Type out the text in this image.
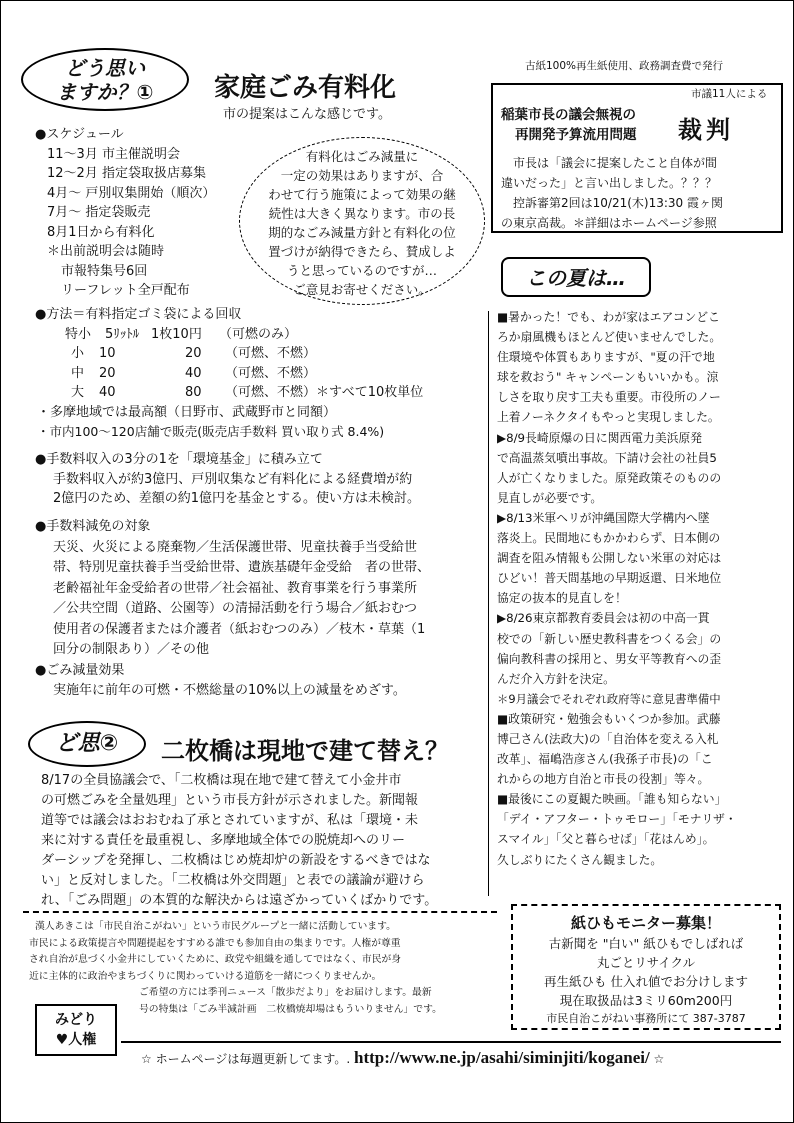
どう思い
ますか？①	家庭ごみ有料化
市の提案はこんな感じです。
古紙100%再生紙使用、政務調査費で発行
●スケジュール
11～3月 市主催説明会
12～2月 指定袋取扱店募集
4月～ 戸別収集開始（順次）
7月～ 指定袋販売
8月1日から有料化
＊出前説明会は随時
市報特集号6回
リーフレット全戸配布
有料化はごみ減量に
一定の効果はありますが、合
わせて行う施策によって効果の継
続性は大きく異なります。市の長
期的なごみ減量方針と有料化の位
置づけが納得できたら、賛成しよ
うと思っているのですが…
ご意見お寄せください。
●方法＝有料指定ゴミ袋による回収
特小 5ﾘｯﾄﾙ 1枚10円 （可燃のみ）
小 10	20 （可燃、不燃）
中 20	40 （可燃、不燃）
大 40	80 （可燃、不燃）＊すべて10枚単位
・多摩地域では最高額（日野市、武蔵野市と同額）
・市内100～120店舗で販売(販売店手数料 買い取り式 8.4%)
●手数料収入の3分の1を「環境基金」に積み立て
手数料収入が約3億円、戸別収集など有料化による経費増が約
2億円のため、差額の約1億円を基金とする。使い方は未検討。
●手数料減免の対象
天災、火災による廃棄物／生活保護世帯、児童扶養手当受給世
帯、特別児童扶養手当受給世帯、遺族基礎年金受給　者の世帯、
老齢福祉年金受給者の世帯／社会福祉、教育事業を行う事業所
／公共空間（道路、公園等）の清掃活動を行う場合／紙おむつ
使用者の保護者または介護者（紙おむつのみ）／枝木・草葉（1
回分の制限あり）／その他
●ごみ減量効果
実施年に前年の可燃・不燃総量の10%以上の減量をめざす。
ど思②	二枚橋は現地で建て替え？
8/17の全員協議会で、「二枚橋は現在地で建て替えて小金井市
の可燃ごみを全量処理」という市長方針が示されました。新聞報
道等では議会はおおむね了承とされていますが、私は「環境・未
来に対する責任を最重視し、多摩地域全体での脱焼却へのリー
ダーシップを発揮し、二枚橋はじめ焼却炉の新設をするべきではな
い」と反対しました。「二枚橋は外交問題」と表での議論が避けら
れ、「ごみ問題」の本質的な解決からは遠ざかっていくばかりです。
市議11人による
稲葉市長の議会無視の
再開発予算流用問題 裁判
市長は「議会に提案したこと自体が間
違いだった」と言い出しました。？？？
控訴審第2回は10/21(木)13:30 霞ヶ関
の東京高裁。＊詳細はホームページ参照
この夏は…
■暑かった！でも、わが家はエアコンどこ
ろか扇風機もほとんど使いませんでした。
住環境や体質もありますが、"夏の汗で地
球を救おう" キャンペーンもいいかも。涼
しさを取り戻す工夫も重要。市役所のノー
上着ノーネクタイもやっと実現しました。
▶8/9長崎原爆の日に関西電力美浜原発
で高温蒸気噴出事故。下請け会社の社員5
人が亡くなりました。原発政策そのものの
見直しが必要です。
▶8/13米軍ヘリが沖縄国際大学構内へ墜
落炎上。民間地にもかかわらず、日本側の
調査を阻み情報も公開しない米軍の対応は
ひどい！普天間基地の早期返還、日米地位
協定の抜本的見直しを！
▶8/26東京都教育委員会は初の中高一貫
校での「新しい歴史教科書をつくる会」の
偏向教科書の採用と、男女平等教育への歪
んだ介入方針を決定。
＊9月議会でそれぞれ政府等に意見書準備中
■政策研究・勉強会もいくつか参加。武藤
博己さん(法政大)の「自治体を変える入札
改革」、福嶋浩彦さん(我孫子市長)の「こ
れからの地方自治と市長の役割」等々。
■最後にこの夏観た映画。「誰も知らない」
「デイ・アフター・トゥモロー」「モナリザ・
スマイル」「父と暮らせば」「花はんめ」。
久しぶりにたくさん観ました。
漢人あきこは「市民自治こがねい」という市民グループと一緒に活動しています。
市民による政策提言や問題提起をすすめる誰でも参加自由の集まりです。人権が尊重
され自治が息づく小金井にしていくために、政党や組織を通してではなく、市民が身
近に主体的に政治やまちづくりに関わっていける道筋を一緒につくりませんか。
ご希望の方には季刊ニュース「散歩だより」をお届けします。最新
号の特集は「ごみ半減計画　二枚橋焼却場はもういりません」です。
みどり
♥人権
紙ひもモニター募集！
古新聞を "白い" 紙ひもでしばれば
丸ごとリサイクル
再生紙ひも 仕入れ値でお分けします
現在取扱品は3ミリ60m200円
市民自治こがねい事務所にて 387-3787
☆ ホームページは毎週更新してます。. http://www.ne.jp/asahi/siminjiti/koganei/ ☆
